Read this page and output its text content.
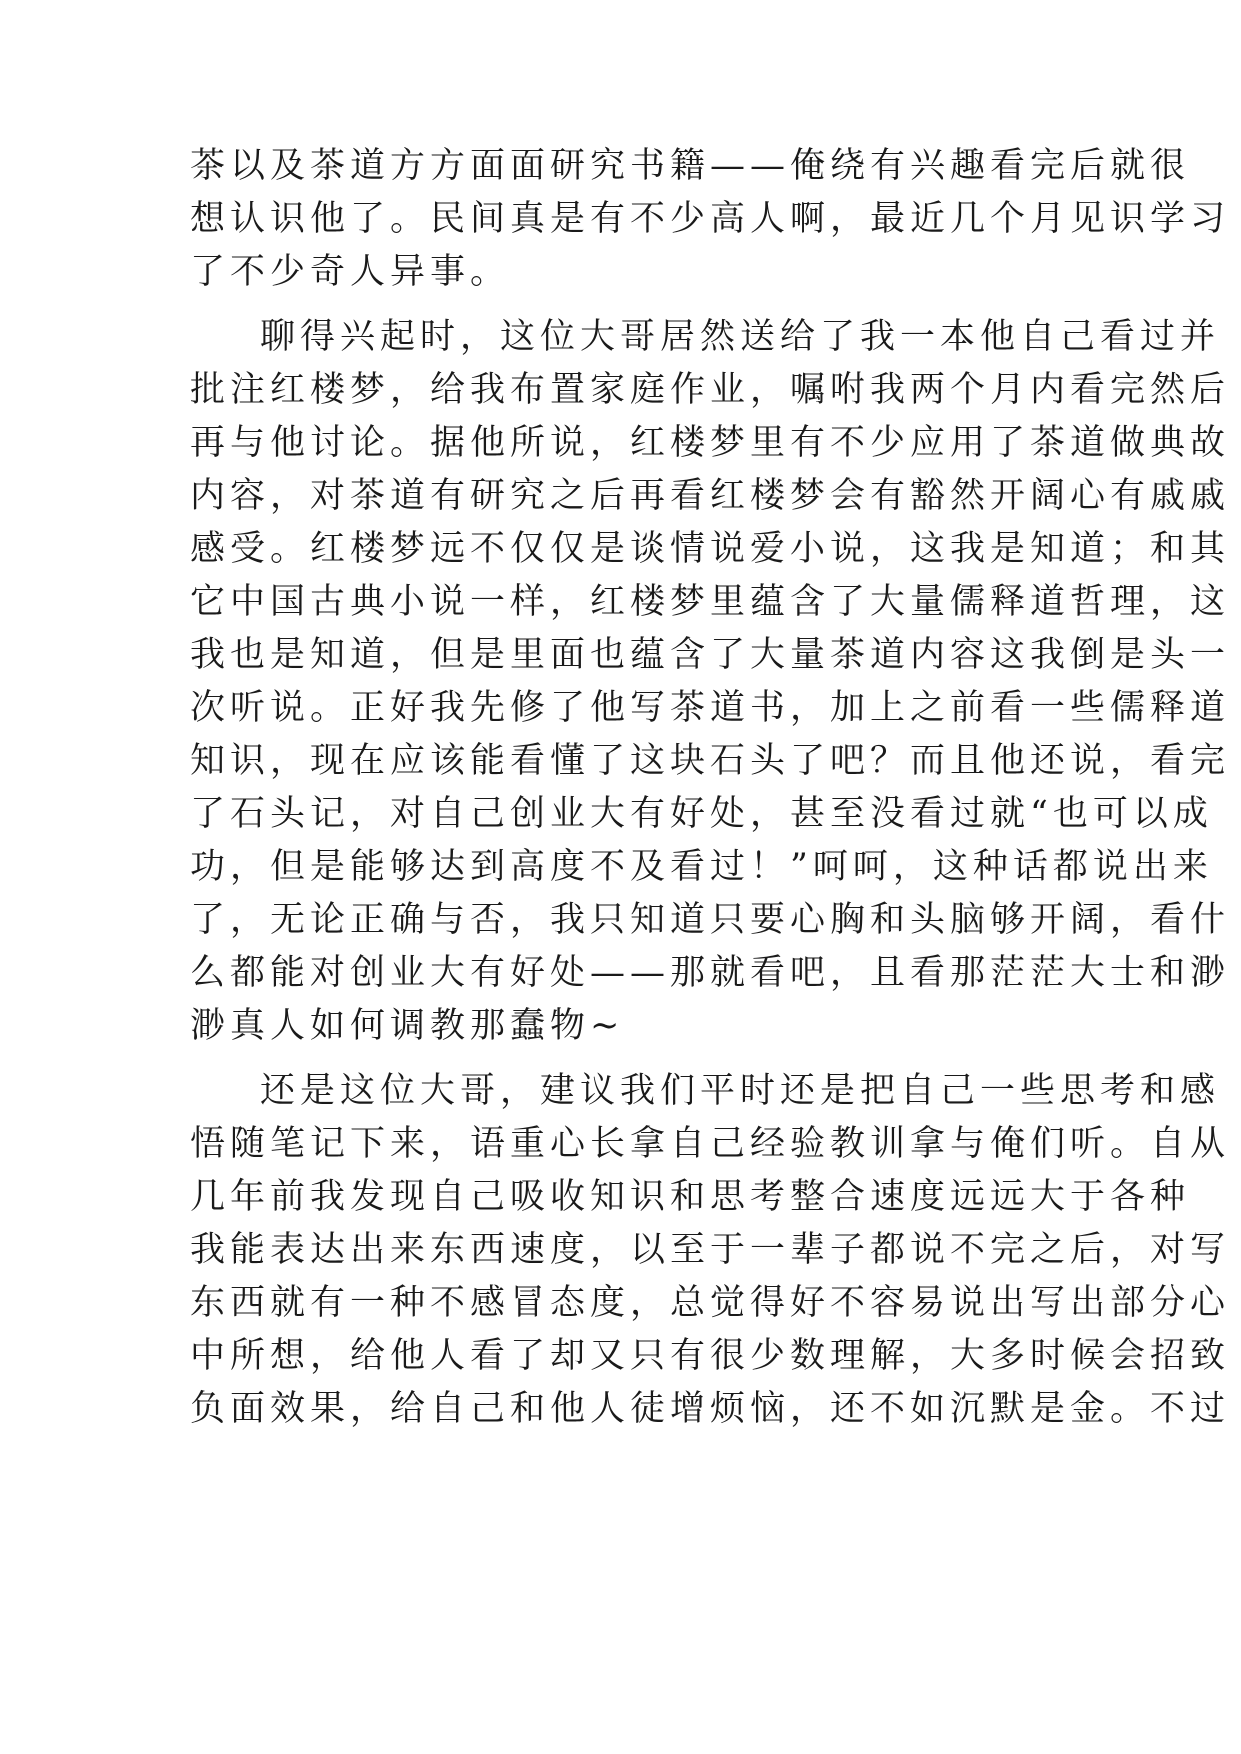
茶以及茶道方方面面研究书籍——俺绕有兴趣看完后就很
想认识他了。民间真是有不少高人啊，最近几个月见识学习
了不少奇人异事。
聊得兴起时，这位大哥居然送给了我一本他自己看过并
批注红楼梦，给我布置家庭作业，嘱咐我两个月内看完然后
再与他讨论。据他所说，红楼梦里有不少应用了茶道做典故
内容，对茶道有研究之后再看红楼梦会有豁然开阔心有戚戚
感受。红楼梦远不仅仅是谈情说爱小说，这我是知道；和其
它中国古典小说一样，红楼梦里蕴含了大量儒释道哲理，这
我也是知道，但是里面也蕴含了大量茶道内容这我倒是头一
次听说。正好我先修了他写茶道书，加上之前看一些儒释道
知识，现在应该能看懂了这块石头了吧？而且他还说，看完
了石头记，对自己创业大有好处，甚至没看过就“也可以成
功，但是能够达到高度不及看过！”呵呵，这种话都说出来
了，无论正确与否，我只知道只要心胸和头脑够开阔，看什
么都能对创业大有好处——那就看吧，且看那茫茫大士和渺
渺真人如何调教那蠢物~
还是这位大哥，建议我们平时还是把自己一些思考和感
悟随笔记下来，语重心长拿自己经验教训拿与俺们听。自从
几年前我发现自己吸收知识和思考整合速度远远大于各种
我能表达出来东西速度，以至于一辈子都说不完之后，对写
东西就有一种不感冒态度，总觉得好不容易说出写出部分心
中所想，给他人看了却又只有很少数理解，大多时候会招致
负面效果，给自己和他人徒增烦恼，还不如沉默是金。不过
